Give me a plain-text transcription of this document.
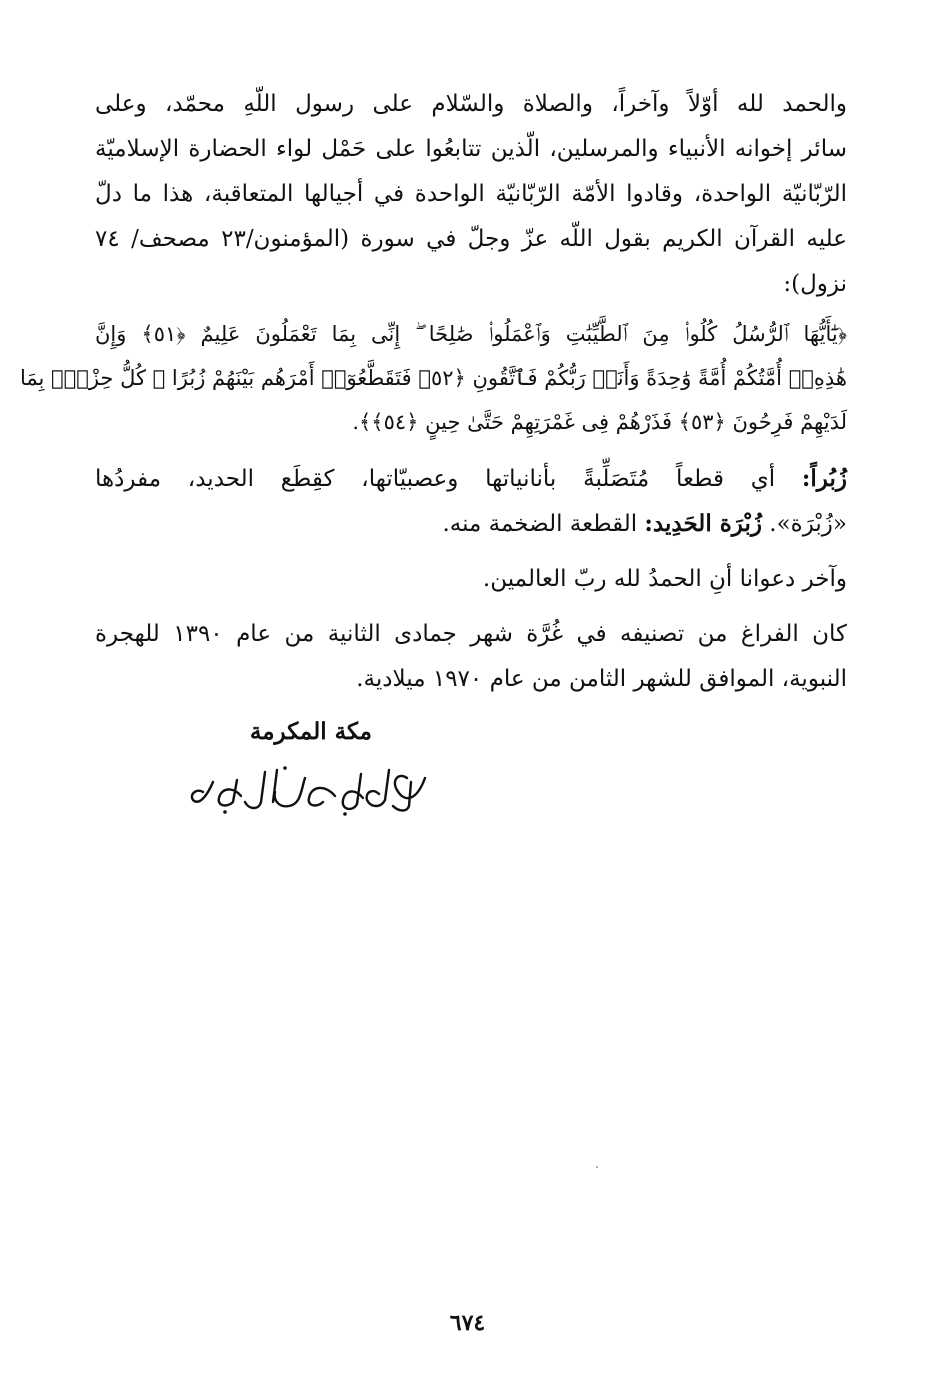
والحمد لله أوّلاً وآخراً، والصلاة والسّلام على رسول اللّهِ محمّد، وعلى
سائر إخوانه الأنبياء والمرسلين، الّذين تتابعُوا على حَمْل لواء الحضارة الإسلاميّة
الرّبّانيّة الواحدة، وقادوا الأمّة الرّبّانيّة الواحدة في أجيالها المتعاقبة، هذا ما دلّ
عليه القرآن الكريم بقول اللّه عزّ وجلّ في سورة (المؤمنون/٢٣ مصحف/ ٧٤
نزول):
﴿يَٰٓأَيُّهَا ٱلرُّسُلُ كُلُوا۟ مِنَ ٱلطَّيِّبَٰتِ وَٱعْمَلُوا۟ صَٰلِحًا ۖ إِنِّى بِمَا تَعْمَلُونَ عَلِيمٌ ﴿٥١﴾ وَإِنَّ
هَٰذِهِۦٓ أُمَّتُكُمْ أُمَّةً وَٰحِدَةً وَأَنَا۠ رَبُّكُمْ فَٱتَّقُونِ ﴿٥٢﴾ فَتَقَطَّعُوٓا۟ أَمْرَهُم بَيْنَهُمْ زُبُرًا ۖ كُلُّ حِزْبٍۭ بِمَا
لَدَيْهِمْ فَرِحُونَ ﴿٥٣﴾ فَذَرْهُمْ فِى غَمْرَتِهِمْ حَتَّىٰ حِينٍ ﴿٥٤﴾﴾.
زُبُراً: أي قطعاً مُتَصَلِّبةً بأنانياتها وعصبيّاتها، كقِطَع الحديد، مفردُها
«زُبْرَة». زُبْرَة الحَدِيد: القطعة الضخمة منه.
وآخر دعوانا أنِ الحمدُ لله ربّ العالمين.
كان الفراغ من تصنيفه في غُرَّة شهر جمادى الثانية من عام ١٣٩٠ للهجرة
النبوية، الموافق للشهر الثامن من عام ١٩٧٠ ميلادية.
مكة المكرمة
٦٧٤
